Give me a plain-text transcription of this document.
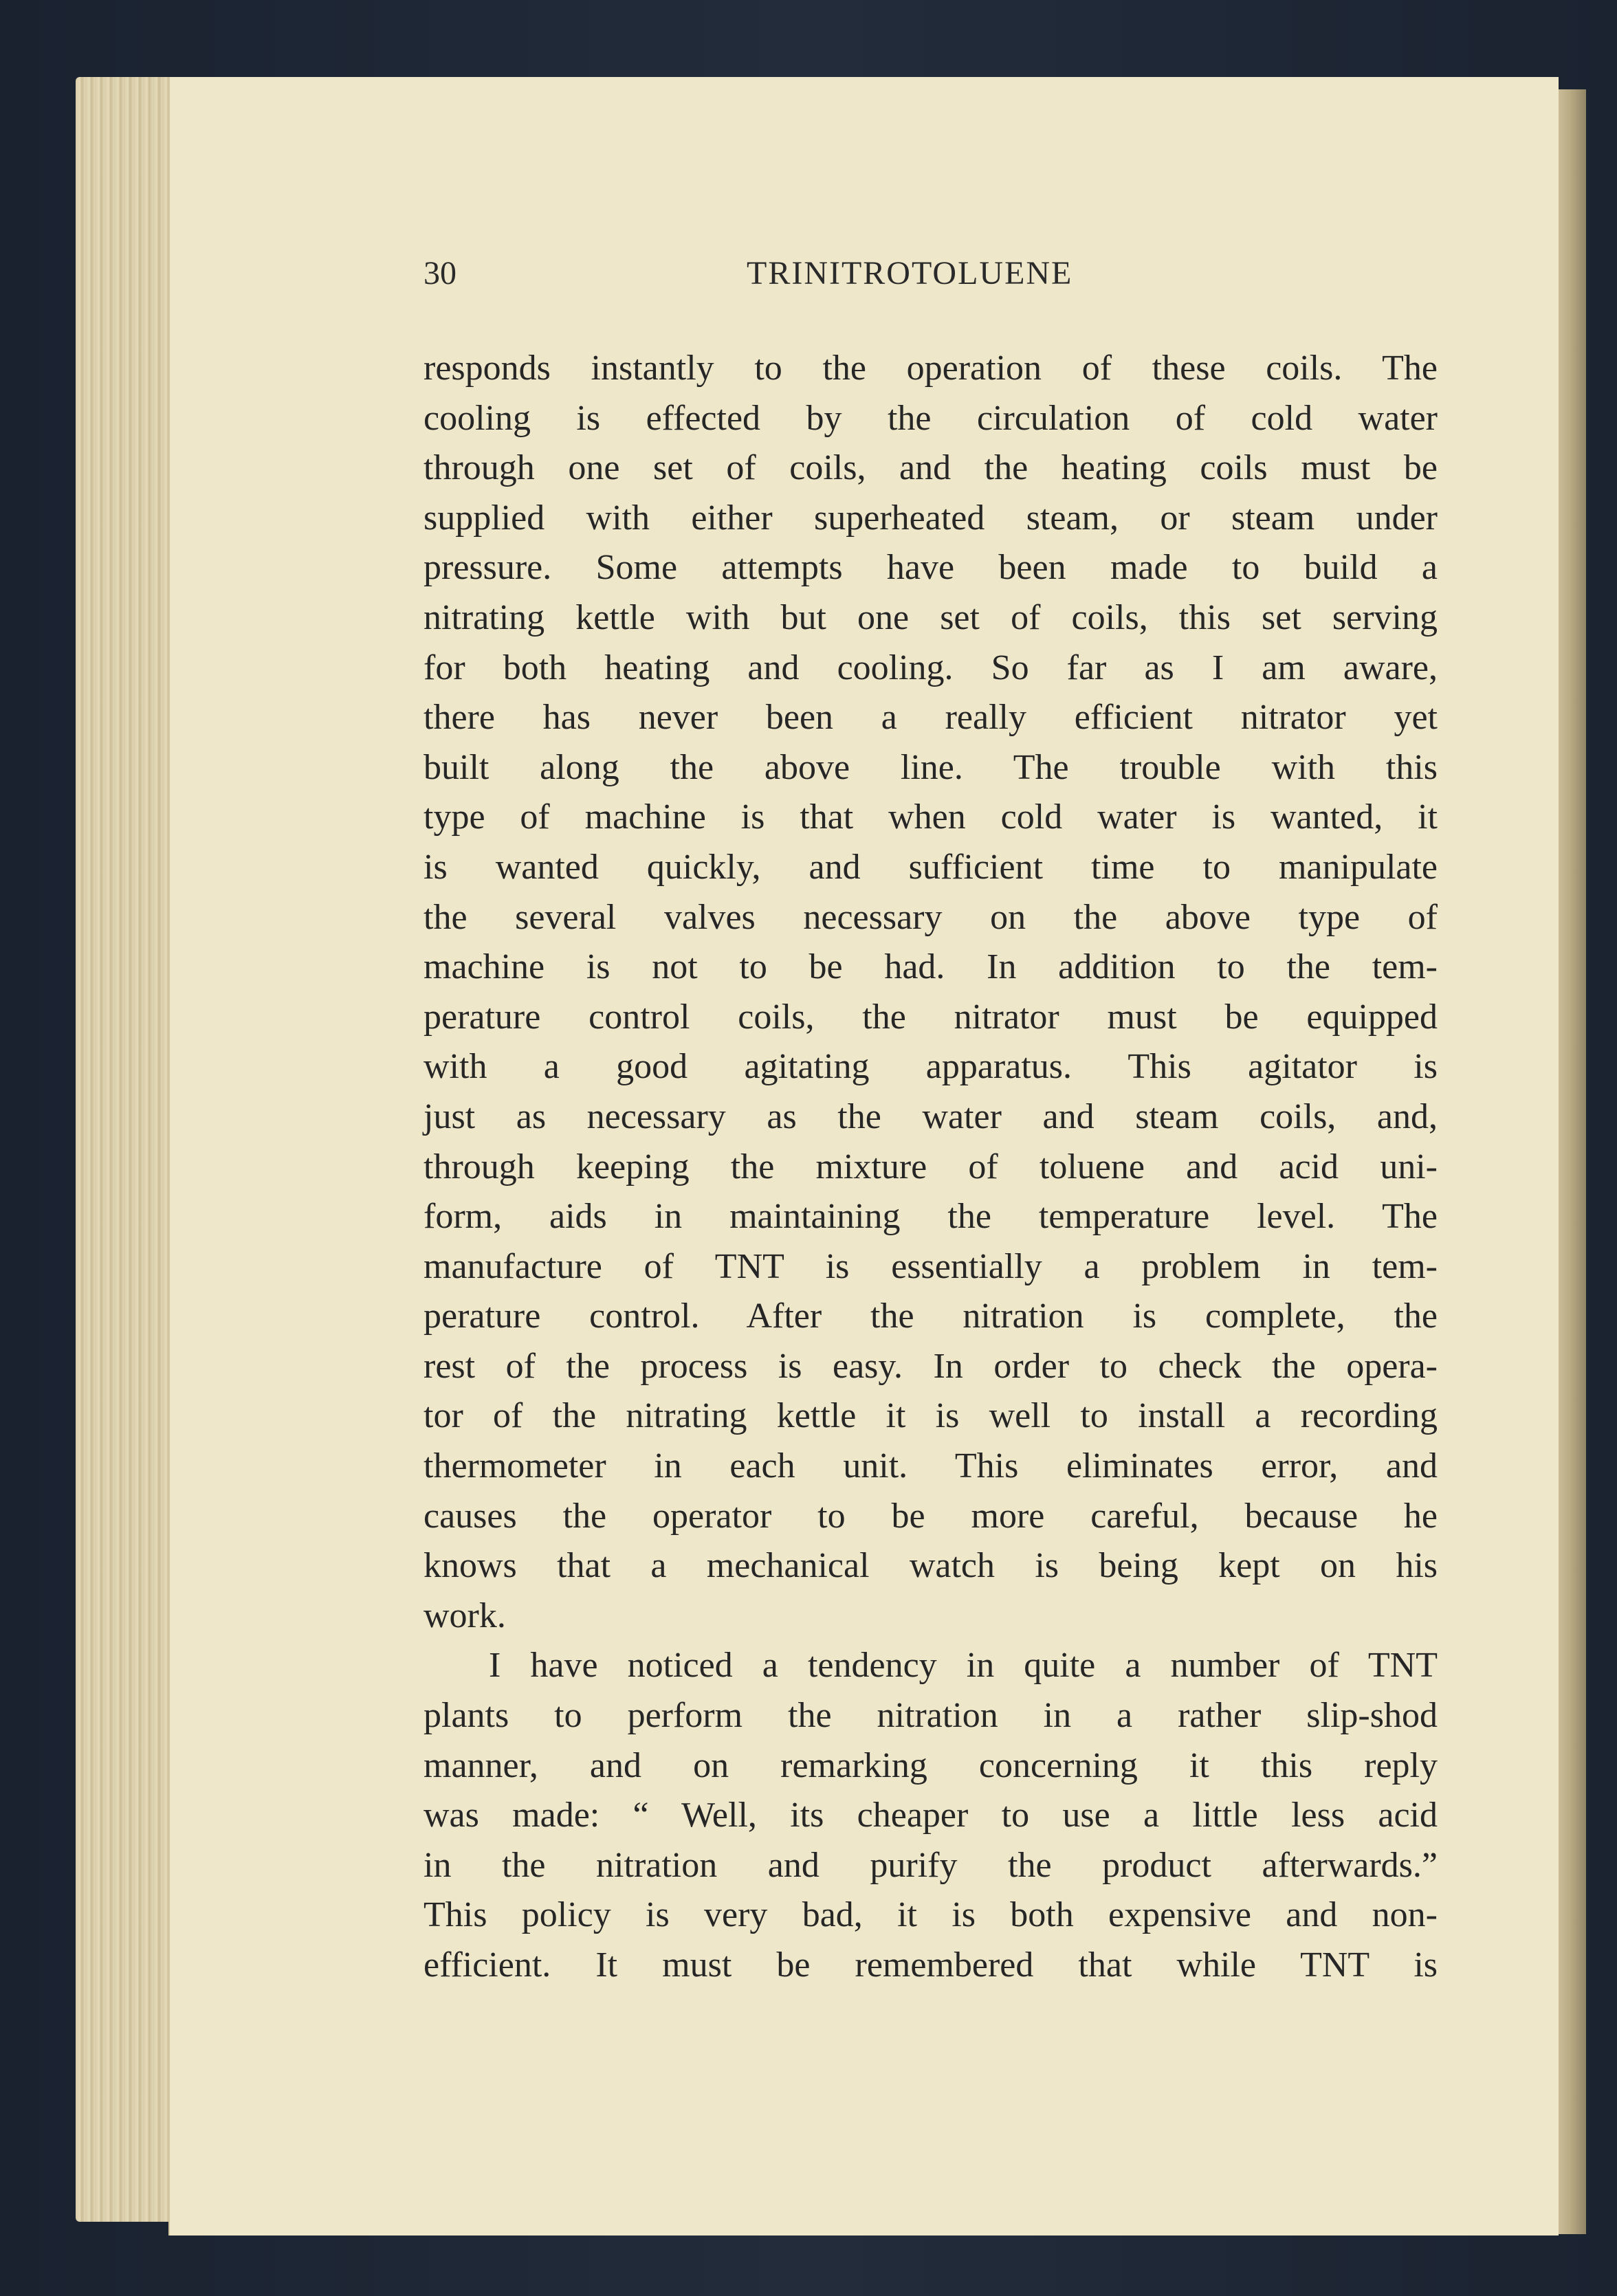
30	TRINITROTOLUENE
responds instantly to the operation of these coils. The
cooling is effected by the circulation of cold water
through one set of coils, and the heating coils must be
supplied with either superheated steam, or steam under
pressure. Some attempts have been made to build a
nitrating kettle with but one set of coils, this set serving
for both heating and cooling. So far as I am aware,
there has never been a really efficient nitrator yet
built along the above line. The trouble with this
type of machine is that when cold water is wanted, it
is wanted quickly, and sufficient time to manipulate
the several valves necessary on the above type of
machine is not to be had. In addition to the tem-
perature control coils, the nitrator must be equipped
with a good agitating apparatus. This agitator is
just as necessary as the water and steam coils, and,
through keeping the mixture of toluene and acid uni-
form, aids in maintaining the temperature level. The
manufacture of TNT is essentially a problem in tem-
perature control. After the nitration is complete, the
rest of the process is easy. In order to check the opera-
tor of the nitrating kettle it is well to install a recording
thermometer in each unit. This eliminates error, and
causes the operator to be more careful, because he
knows that a mechanical watch is being kept on his
work.
I have noticed a tendency in quite a number of TNT
plants to perform the nitration in a rather slip-shod
manner, and on remarking concerning it this reply
was made: “ Well, its cheaper to use a little less acid
in the nitration and purify the product afterwards.”
This policy is very bad, it is both expensive and non-
efficient. It must be remembered that while TNT is
